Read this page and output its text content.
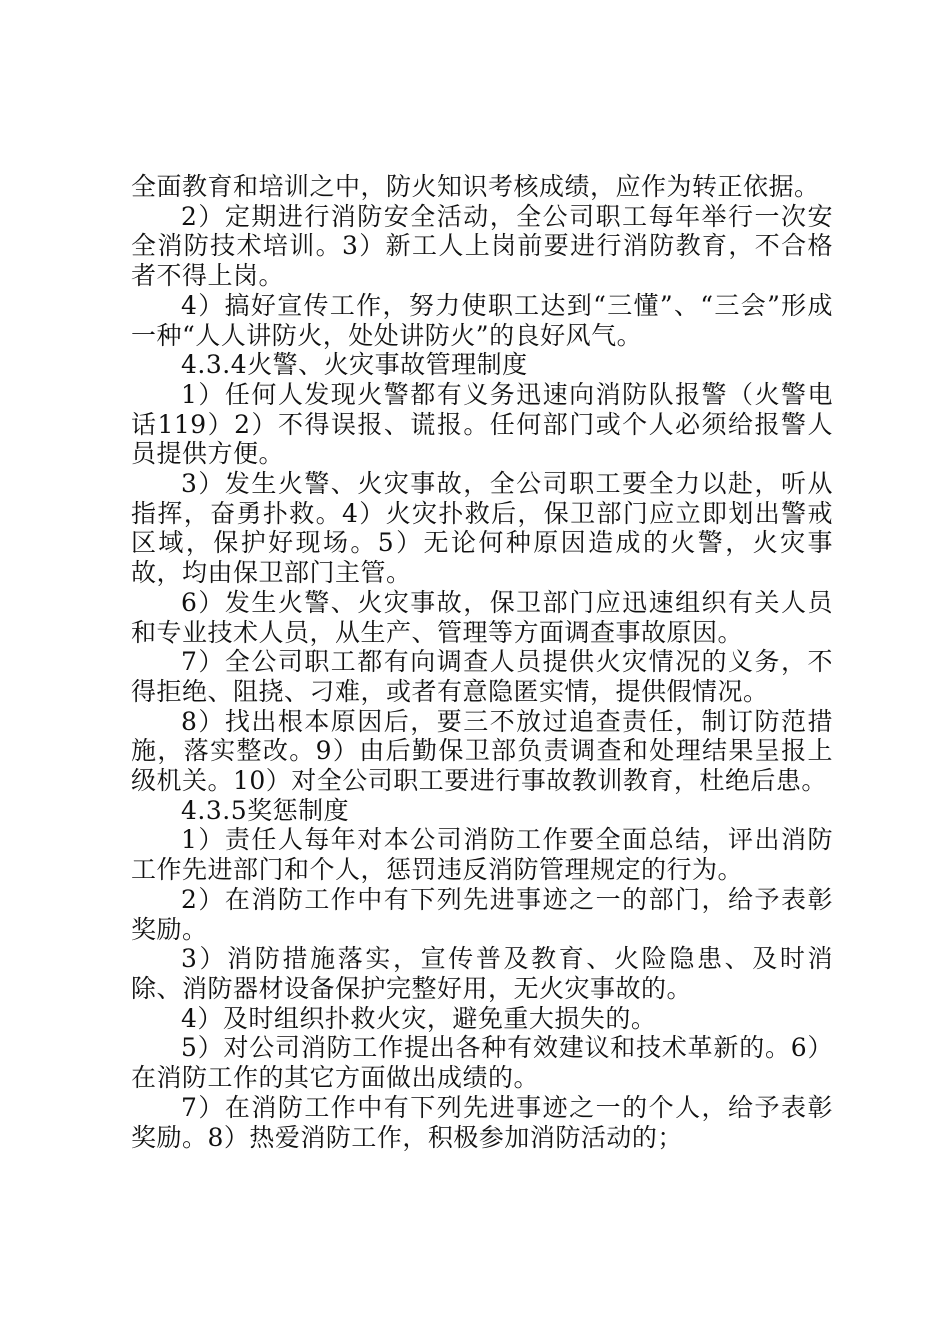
全面教育和培训之中，防火知识考核成绩，应作为转正依据。

2）定期进行消防安全活动，全公司职工每年举行一次安全消防技术培训。3）新工人上岗前要进行消防教育，不合格者不得上岗。

4）搞好宣传工作，努力使职工达到“三懂”、“三会”形成一种“人人讲防火，处处讲防火”的良好风气。

4.3.4火警、火灾事故管理制度

1）任何人发现火警都有义务迅速向消防队报警（火警电话119）2）不得误报、谎报。任何部门或个人必须给报警人员提供方便。

3）发生火警、火灾事故，全公司职工要全力以赴，听从指挥，奋勇扑救。4）火灾扑救后，保卫部门应立即划出警戒区域，保护好现场。5）无论何种原因造成的火警，火灾事故，均由保卫部门主管。

6）发生火警、火灾事故，保卫部门应迅速组织有关人员和专业技术人员，从生产、管理等方面调查事故原因。

7）全公司职工都有向调查人员提供火灾情况的义务，不得拒绝、阻挠、刁难，或者有意隐匿实情，提供假情况。

8）找出根本原因后，要三不放过追查责任，制订防范措施，落实整改。9）由后勤保卫部负责调查和处理结果呈报上级机关。10）对全公司职工要进行事故教训教育，杜绝后患。

4.3.5奖惩制度

1）责任人每年对本公司消防工作要全面总结，评出消防工作先进部门和个人，惩罚违反消防管理规定的行为。

2）在消防工作中有下列先进事迹之一的部门，给予表彰奖励。

3）消防措施落实，宣传普及教育、火险隐患、及时消除、消防器材设备保护完整好用，无火灾事故的。

4）及时组织扑救火灾，避免重大损失的。

5）对公司消防工作提出各种有效建议和技术革新的。6）在消防工作的其它方面做出成绩的。

7）在消防工作中有下列先进事迹之一的个人，给予表彰奖励。8）热爱消防工作，积极参加消防活动的；
